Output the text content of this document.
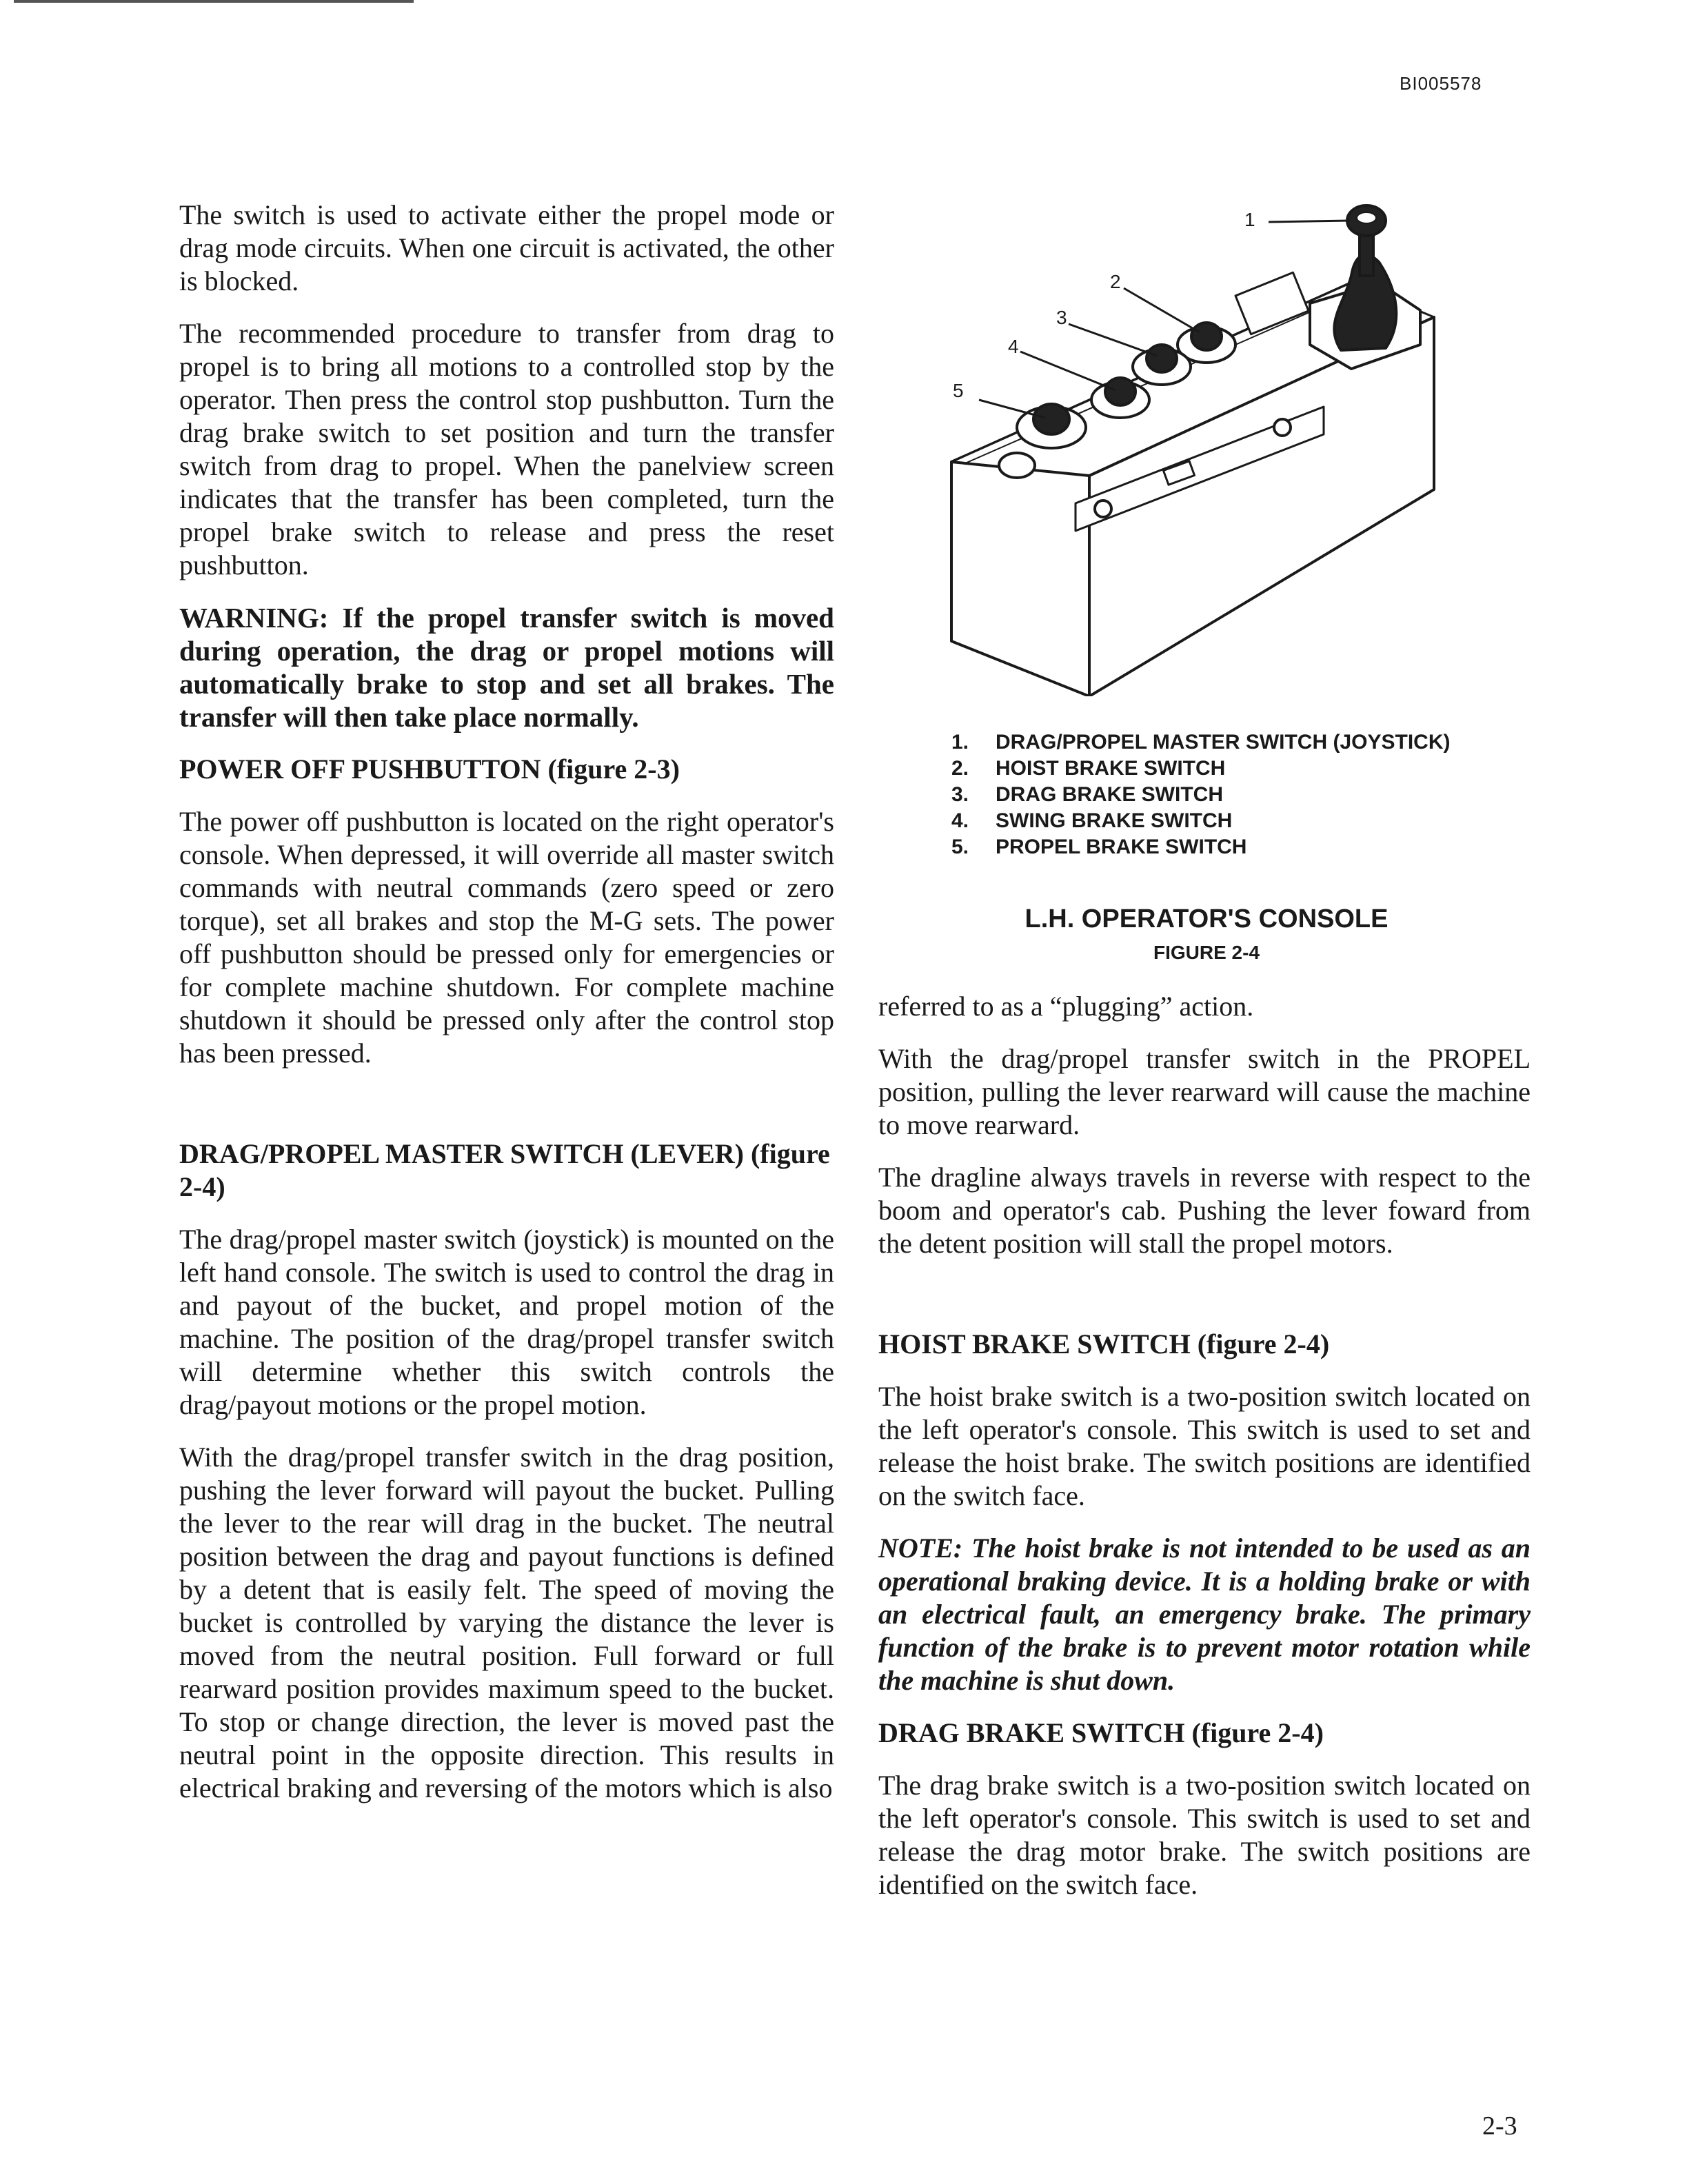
BI005578

The switch is used to activate either the propel mode or drag mode circuits. When one circuit is activated, the other is blocked.

The recommended procedure to transfer from drag to propel is to bring all motions to a controlled stop by the operator. Then press the control stop pushbutton. Turn the drag brake switch to set position and turn the transfer switch from drag to propel. When the panelview screen indicates that the transfer has been completed, turn the propel brake switch to release and press the reset pushbutton.

WARNING: If the propel transfer switch is moved during operation, the drag or propel motions will automatically brake to stop and set all brakes. The transfer will then take place normally.

POWER OFF PUSHBUTTON (figure 2-3)

The power off pushbutton is located on the right operator's console. When depressed, it will override all master switch commands with neutral commands (zero speed or zero torque), set all brakes and stop the M-G sets. The power off pushbutton should be pressed only for emergencies or for complete machine shutdown. For complete machine shutdown it should be pressed only after the control stop has been pressed.

DRAG/PROPEL MASTER SWITCH (LEVER) (figure 2-4)

The drag/propel master switch (joystick) is mounted on the left hand console. The switch is used to control the drag in and payout of the bucket, and propel motion of the machine. The position of the drag/propel transfer switch will determine whether this switch controls the drag/payout motions or the propel motion.

With the drag/propel transfer switch in the drag position, pushing the lever forward will payout the bucket. Pulling the lever to the rear will drag in the bucket. The neutral position between the drag and payout functions is defined by a detent that is easily felt. The speed of moving the bucket is controlled by varying the distance the lever is moved from the neutral position. Full forward or full rearward position provides maximum speed to the bucket. To stop or change direction, the lever is moved past the neutral point in the opposite direction. This results in electrical braking and reversing of the motors which is also

1
2
3
4
5
1.	DRAG/PROPEL MASTER SWITCH (JOYSTICK)
2.	HOIST BRAKE SWITCH
3.	DRAG BRAKE SWITCH
4.	SWING BRAKE SWITCH
5.	PROPEL BRAKE SWITCH
L.H. OPERATOR'S CONSOLE
FIGURE 2-4

referred to as a “plugging” action.

With the drag/propel transfer switch in the PROPEL position, pulling the lever rearward will cause the machine to move rearward.

The dragline always travels in reverse with respect to the boom and operator's cab. Pushing the lever foward from the detent position will stall the propel motors.

HOIST BRAKE SWITCH (figure 2-4)

The hoist brake switch is a two-position switch located on the left operator's console. This switch is used to set and release the hoist brake. The switch positions are identified on the switch face.

NOTE: The hoist brake is not intended to be used as an operational braking device. It is a holding brake or with an electrical fault, an emergency brake. The primary function of the brake is to prevent motor rotation while the machine is shut down.

DRAG BRAKE SWITCH (figure 2-4)

The drag brake switch is a two-position switch located on the left operator's console. This switch is used to set and release the drag motor brake. The switch positions are identified on the switch face.

2-3
